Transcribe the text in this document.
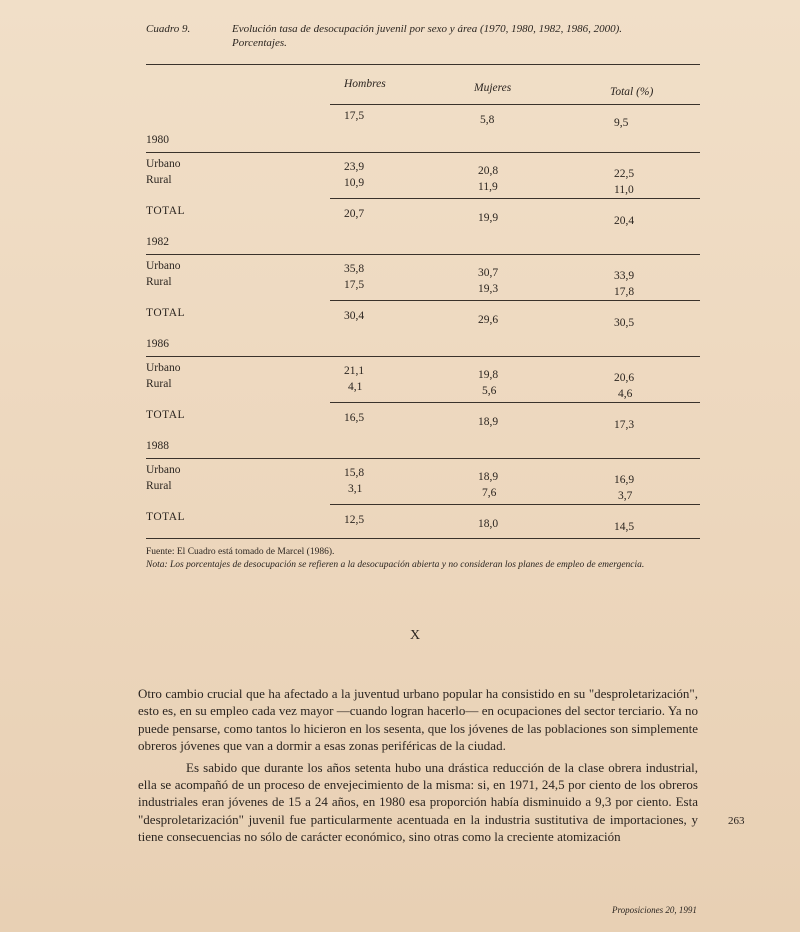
Cuadro 9.	Evolución tasa de desocupación juvenil por sexo y área (1970, 1980, 1982, 1986, 2000).
Porcentajes.
Hombres	Mujeres	Total (%)
17,5	5,8	9,5
1980
Urbano	23,9	20,8	22,5
Rural	10,9	11,9	11,0
TOTAL	20,7	19,9	20,4
1982
Urbano	35,8	30,7	33,9
Rural	17,5	19,3	17,8
TOTAL	30,4	29,6	30,5
1986
Urbano	21,1	19,8	20,6
Rural	4,1	5,6	4,6
TOTAL	16,5	18,9	17,3
1988
Urbano	15,8	18,9	16,9
Rural	3,1	7,6	3,7
TOTAL	12,5	18,0	14,5
Fuente: El Cuadro está tomado de Marcel (1986).
Nota: Los porcentajes de desocupación se refieren a la desocupación abierta y no consideran los planes de empleo de emergencia.
X

Otro cambio crucial que ha afectado a la juventud urbano popular ha consistido en su "desproletarización", esto es, en su empleo cada vez mayor —cuando logran hacerlo— en ocupaciones del sector terciario. Ya no puede pensarse, como tantos lo hicieron en los sesenta, que los jóvenes de las poblaciones son simplemente obreros jóvenes que van a dormir a esas zonas periféricas de la ciudad.

Es sabido que durante los años setenta hubo una drástica reducción de la clase obrera industrial, ella se acompañó de un proceso de envejecimiento de la misma: si, en 1971, 24,5 por ciento de los obreros industriales eran jóvenes de 15 a 24 años, en 1980 esa proporción había disminuido a 9,3 por ciento. Esta "desproletarización" juvenil fue particularmente acentuada en la industria sustitutiva de importaciones, y tiene consecuencias no sólo de carácter económico, sino otras como la creciente atomización

263
Proposiciones 20, 1991
